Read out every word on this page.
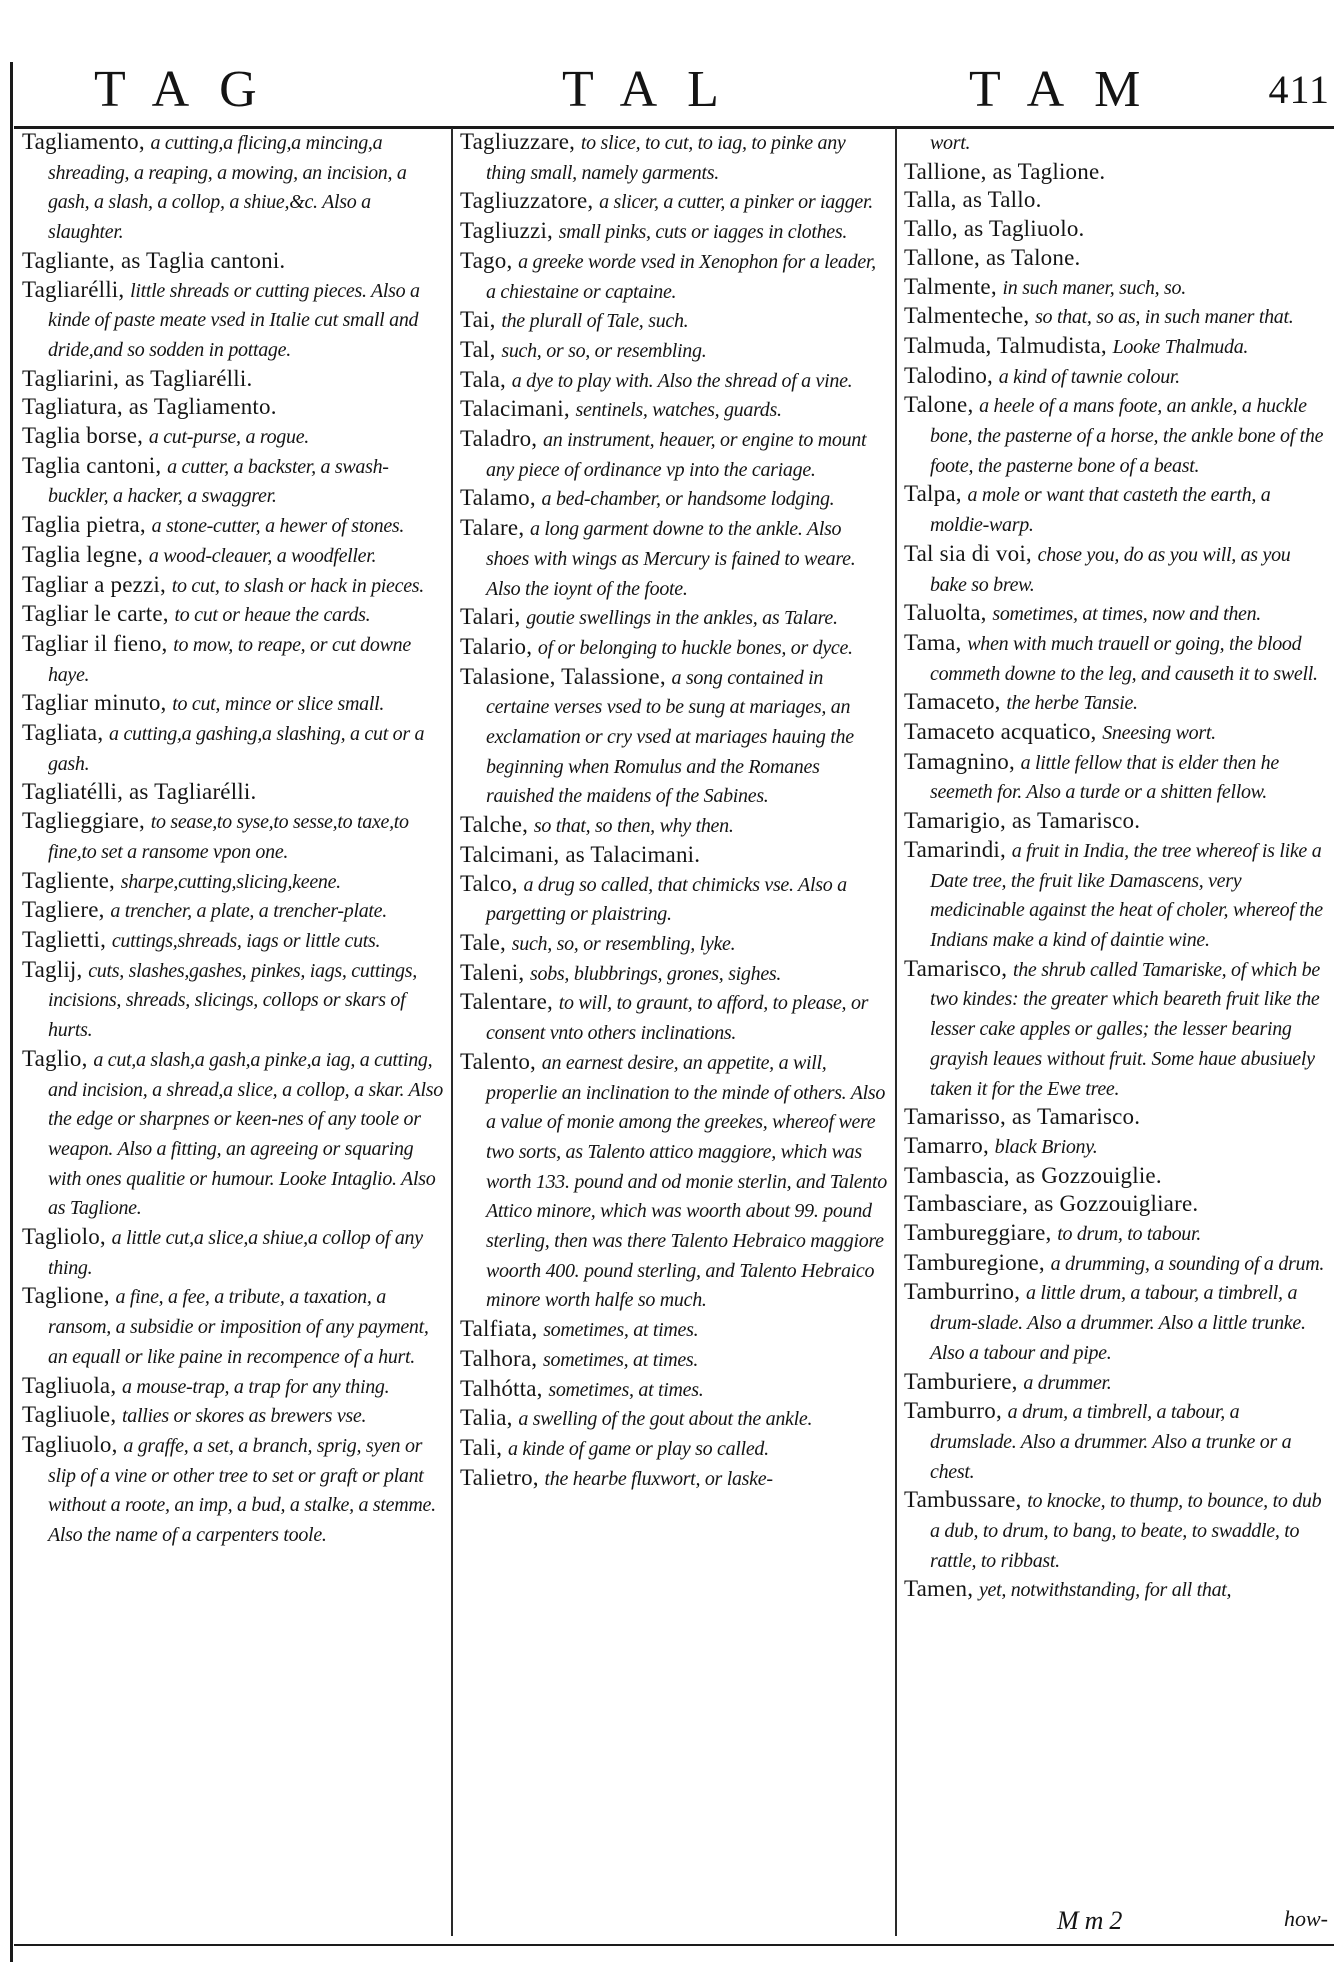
TAG	TAL	TAM 411

Tagliamento, a cutting,a flicing,a mincing,a shreading, a reaping, a mowing, an incision, a gash, a slash, a collop, a shiue,&c. Also a slaughter.

Tagliante, as Taglia cantoni.

Tagliarélli, little shreads or cutting pieces. Also a kinde of paste meate vsed in Italie cut small and dride,and so sodden in pottage.

Tagliarini, as Tagliarélli.

Tagliatura, as Tagliamento.

Taglia borse, a cut-purse, a rogue.

Taglia cantoni, a cutter, a backster, a swash-buckler, a hacker, a swaggrer.

Taglia pietra, a stone-cutter, a hewer of stones.

Taglia legne, a wood-cleauer, a woodfeller.

Tagliar a pezzi, to cut, to slash or hack in pieces.

Tagliar le carte, to cut or heaue the cards.

Tagliar il fieno, to mow, to reape, or cut downe haye.

Tagliar minuto, to cut, mince or slice small.

Tagliata, a cutting,a gashing,a slashing, a cut or a gash.

Tagliatélli, as Tagliarélli.

Taglieggiare, to sease,to syse,to sesse,to taxe,to fine,to set a ransome vpon one.

Tagliente, sharpe,cutting,slicing,keene.

Tagliere, a trencher, a plate, a trencher-plate.

Taglietti, cuttings,shreads, iags or little cuts.

Taglij, cuts, slashes,gashes, pinkes, iags, cuttings, incisions, shreads, slicings, collops or skars of hurts.

Taglio, a cut,a slash,a gash,a pinke,a iag, a cutting, and incision, a shread,a slice, a collop, a skar. Also the edge or sharpnes or keen-nes of any toole or weapon. Also a fitting, an agreeing or squaring with ones qualitie or humour. Looke Intaglio. Also as Taglione.

Tagliolo, a little cut,a slice,a shiue,a collop of any thing.

Taglione, a fine, a fee, a tribute, a taxation, a ransom, a subsidie or imposition of any payment, an equall or like paine in recompence of a hurt.

Tagliuola, a mouse-trap, a trap for any thing.

Tagliuole, tallies or skores as brewers vse.

Tagliuolo, a graffe, a set, a branch, sprig, syen or slip of a vine or other tree to set or graft or plant without a roote, an imp, a bud, a stalke, a stemme. Also the name of a carpenters toole.

Tagliuzzare, to slice, to cut, to iag, to pinke any thing small, namely garments.

Tagliuzzatore, a slicer, a cutter, a pinker or iagger.

Tagliuzzi, small pinks, cuts or iagges in clothes.

Tago, a greeke worde vsed in Xenophon for a leader, a chiestaine or captaine.

Tai, the plurall of Tale, such.

Tal, such, or so, or resembling.

Tala, a dye to play with. Also the shread of a vine.

Talacimani, sentinels, watches, guards.

Taladro, an instrument, heauer, or engine to mount any piece of ordinance vp into the cariage.

Talamo, a bed-chamber, or handsome lodging.

Talare, a long garment downe to the ankle. Also shoes with wings as Mercury is fained to weare. Also the ioynt of the foote.

Talari, goutie swellings in the ankles, as Talare.

Talario, of or belonging to huckle bones, or dyce.

Talasione, Talassione, a song contained in certaine verses vsed to be sung at mariages, an exclamation or cry vsed at mariages hauing the beginning when Romulus and the Romanes rauished the maidens of the Sabines.

Talche, so that, so then, why then.

Talcimani, as Talacimani.

Talco, a drug so called, that chimicks vse. Also a pargetting or plaistring.

Tale, such, so, or resembling, lyke.

Taleni, sobs, blubbrings, grones, sighes.

Talentare, to will, to graunt, to afford, to please, or consent vnto others inclinations.

Talento, an earnest desire, an appetite, a will, properlie an inclination to the minde of others. Also a value of monie among the greekes, whereof were two sorts, as Talento attico maggiore, which was worth 133. pound and od monie sterlin, and Talento Attico minore, which was woorth about 99. pound sterling, then was there Talento Hebraico maggiore woorth 400. pound sterling, and Talento Hebraico minore worth halfe so much.

Talfiata, sometimes, at times.

Talhora, sometimes, at times.

Talhótta, sometimes, at times.

Talia, a swelling of the gout about the ankle.

Tali, a kinde of game or play so called.

Talietro, the hearbe fluxwort, or laske-

wort.

Tallione, as Taglione.

Talla, as Tallo.

Tallo, as Tagliuolo.

Tallone, as Talone.

Talmente, in such maner, such, so.

Talmenteche, so that, so as, in such maner that.

Talmuda, Talmudista, Looke Thalmuda.

Talodino, a kind of tawnie colour.

Talone, a heele of a mans foote, an ankle, a huckle bone, the pasterne of a horse, the ankle bone of the foote, the pasterne bone of a beast.

Talpa, a mole or want that casteth the earth, a moldie-warp.

Tal sia di voi, chose you, do as you will, as you bake so brew.

Taluolta, sometimes, at times, now and then.

Tama, when with much trauell or going, the blood commeth downe to the leg, and causeth it to swell.

Tamaceto, the herbe Tansie.

Tamaceto acquatico, Sneesing wort.

Tamagnino, a little fellow that is elder then he seemeth for. Also a turde or a shitten fellow.

Tamarigio, as Tamarisco.

Tamarindi, a fruit in India, the tree whereof is like a Date tree, the fruit like Damascens, very medicinable against the heat of choler, whereof the Indians make a kind of daintie wine.

Tamarisco, the shrub called Tamariske, of which be two kindes: the greater which beareth fruit like the lesser cake apples or galles; the lesser bearing grayish leaues without fruit. Some haue abusiuely taken it for the Ewe tree.

Tamarisso, as Tamarisco.

Tamarro, black Briony.

Tambascia, as Gozzouiglie.

Tambasciare, as Gozzouigliare.

Tambureggiare, to drum, to tabour.

Tamburegione, a drumming, a sounding of a drum.

Tamburrino, a little drum, a tabour, a timbrell, a drum-slade. Also a drummer. Also a little trunke. Also a tabour and pipe.

Tamburiere, a drummer.

Tamburro, a drum, a timbrell, a tabour, a drumslade. Also a drummer. Also a trunke or a chest.

Tambussare, to knocke, to thump, to bounce, to dub a dub, to drum, to bang, to beate, to swaddle, to rattle, to ribbast.

Tamen, yet, notwithstanding, for all that,

Mm2	how-
